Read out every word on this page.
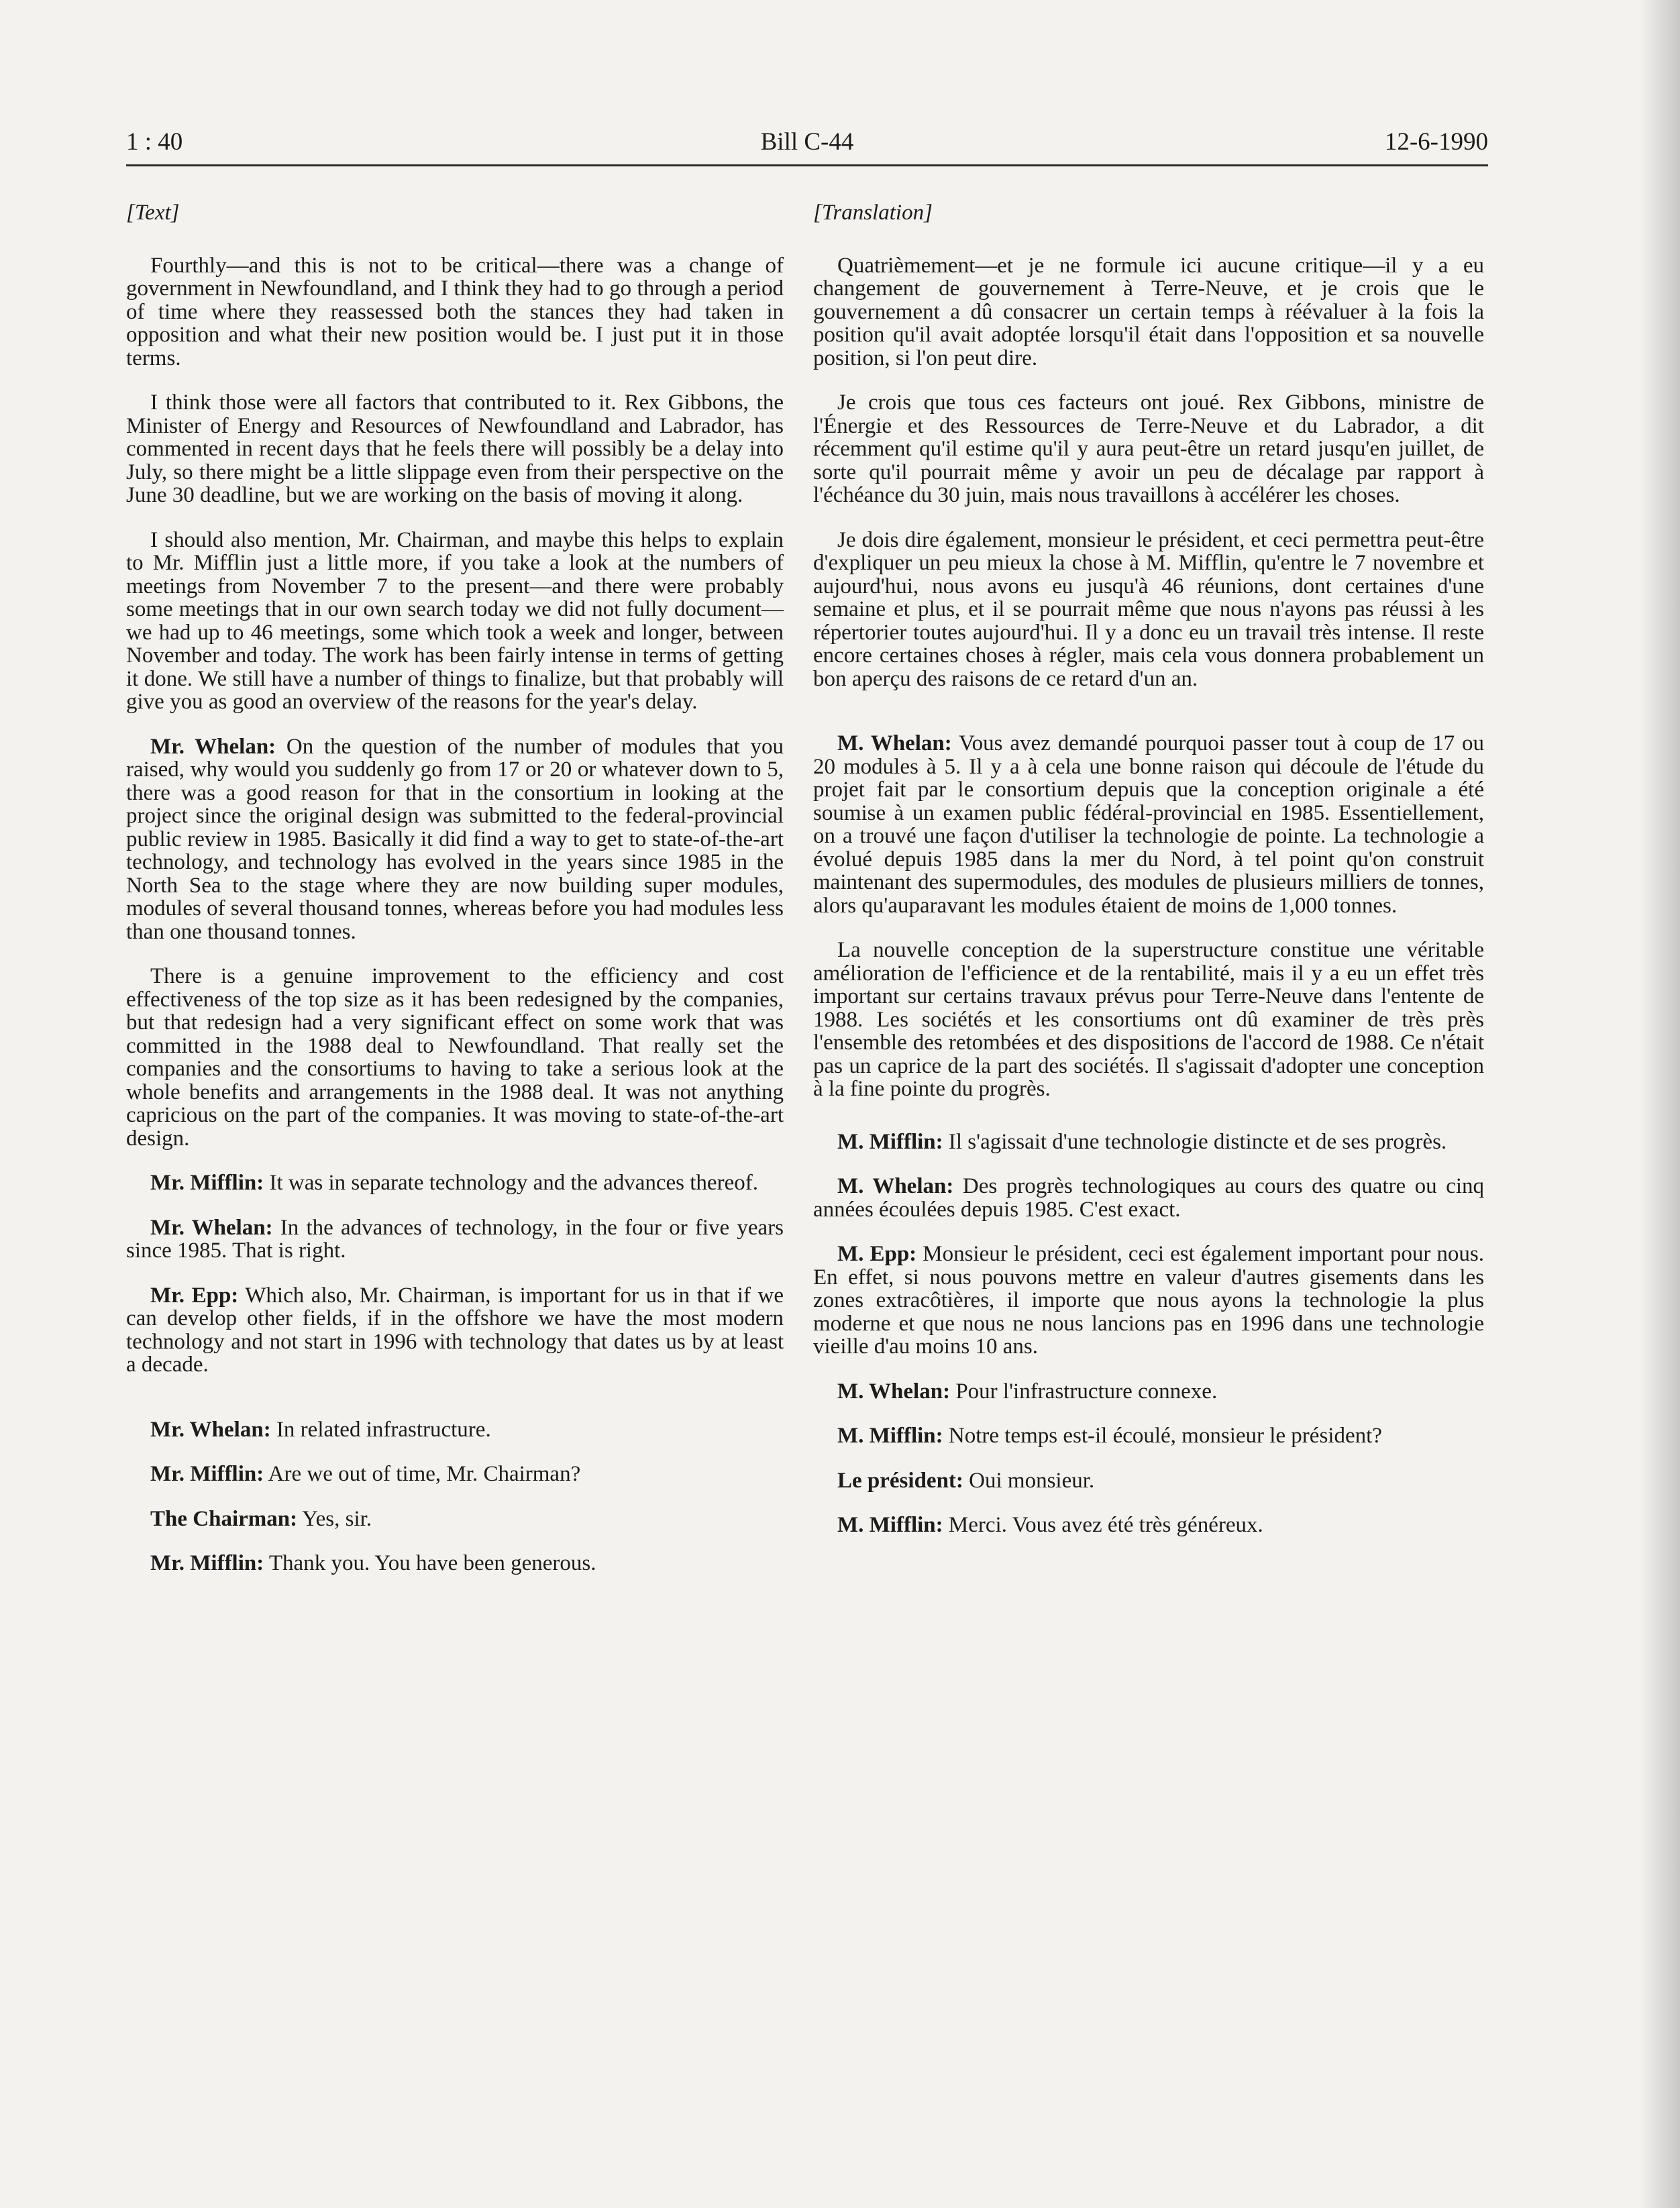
1 : 40	Bill C-44	12-6-1990
[Text]

Fourthly—and this is not to be critical—there was a change of government in Newfoundland, and I think they had to go through a period of time where they reassessed both the stances they had taken in opposition and what their new position would be. I just put it in those terms.

I think those were all factors that contributed to it. Rex Gibbons, the Minister of Energy and Resources of Newfoundland and Labrador, has commented in recent days that he feels there will possibly be a delay into July, so there might be a little slippage even from their perspective on the June 30 deadline, but we are working on the basis of moving it along.

I should also mention, Mr. Chairman, and maybe this helps to explain to Mr. Mifflin just a little more, if you take a look at the numbers of meetings from November 7 to the present—and there were probably some meetings that in our own search today we did not fully document—we had up to 46 meetings, some which took a week and longer, between November and today. The work has been fairly intense in terms of getting it done. We still have a number of things to finalize, but that probably will give you as good an overview of the reasons for the year's delay.

Mr. Whelan: On the question of the number of modules that you raised, why would you suddenly go from 17 or 20 or whatever down to 5, there was a good reason for that in the consortium in looking at the project since the original design was submitted to the federal-provincial public review in 1985. Basically it did find a way to get to state-of-the-art technology, and technology has evolved in the years since 1985 in the North Sea to the stage where they are now building super modules, modules of several thousand tonnes, whereas before you had modules less than one thousand tonnes.

There is a genuine improvement to the efficiency and cost effectiveness of the top size as it has been redesigned by the companies, but that redesign had a very significant effect on some work that was committed in the 1988 deal to Newfoundland. That really set the companies and the consortiums to having to take a serious look at the whole benefits and arrangements in the 1988 deal. It was not anything capricious on the part of the companies. It was moving to state-of-the-art design.

Mr. Mifflin: It was in separate technology and the advances thereof.

Mr. Whelan: In the advances of technology, in the four or five years since 1985. That is right.

Mr. Epp: Which also, Mr. Chairman, is important for us in that if we can develop other fields, if in the offshore we have the most modern technology and not start in 1996 with technology that dates us by at least a decade.

Mr. Whelan: In related infrastructure.

Mr. Mifflin: Are we out of time, Mr. Chairman?

The Chairman: Yes, sir.

Mr. Mifflin: Thank you. You have been generous.

[Translation]

Quatrièmement—et je ne formule ici aucune critique—il y a eu changement de gouvernement à Terre-Neuve, et je crois que le gouvernement a dû consacrer un certain temps à réévaluer à la fois la position qu'il avait adoptée lorsqu'il était dans l'opposition et sa nouvelle position, si l'on peut dire.

Je crois que tous ces facteurs ont joué. Rex Gibbons, ministre de l'Énergie et des Ressources de Terre-Neuve et du Labrador, a dit récemment qu'il estime qu'il y aura peut-être un retard jusqu'en juillet, de sorte qu'il pourrait même y avoir un peu de décalage par rapport à l'échéance du 30 juin, mais nous travaillons à accélérer les choses.

Je dois dire également, monsieur le président, et ceci permettra peut-être d'expliquer un peu mieux la chose à M. Mifflin, qu'entre le 7 novembre et aujourd'hui, nous avons eu jusqu'à 46 réunions, dont certaines d'une semaine et plus, et il se pourrait même que nous n'ayons pas réussi à les répertorier toutes aujourd'hui. Il y a donc eu un travail très intense. Il reste encore certaines choses à régler, mais cela vous donnera probablement un bon aperçu des raisons de ce retard d'un an.

M. Whelan: Vous avez demandé pourquoi passer tout à coup de 17 ou 20 modules à 5. Il y a à cela une bonne raison qui découle de l'étude du projet fait par le consortium depuis que la conception originale a été soumise à un examen public fédéral-provincial en 1985. Essentiellement, on a trouvé une façon d'utiliser la technologie de pointe. La technologie a évolué depuis 1985 dans la mer du Nord, à tel point qu'on construit maintenant des supermodules, des modules de plusieurs milliers de tonnes, alors qu'auparavant les modules étaient de moins de 1,000 tonnes.

La nouvelle conception de la superstructure constitue une véritable amélioration de l'efficience et de la rentabilité, mais il y a eu un effet très important sur certains travaux prévus pour Terre-Neuve dans l'entente de 1988. Les sociétés et les consortiums ont dû examiner de très près l'ensemble des retombées et des dispositions de l'accord de 1988. Ce n'était pas un caprice de la part des sociétés. Il s'agissait d'adopter une conception à la fine pointe du progrès.

M. Mifflin: Il s'agissait d'une technologie distincte et de ses progrès.

M. Whelan: Des progrès technologiques au cours des quatre ou cinq années écoulées depuis 1985. C'est exact.

M. Epp: Monsieur le président, ceci est également important pour nous. En effet, si nous pouvons mettre en valeur d'autres gisements dans les zones extracôtières, il importe que nous ayons la technologie la plus moderne et que nous ne nous lancions pas en 1996 dans une technologie vieille d'au moins 10 ans.

M. Whelan: Pour l'infrastructure connexe.

M. Mifflin: Notre temps est-il écoulé, monsieur le président?

Le président: Oui monsieur.

M. Mifflin: Merci. Vous avez été très généreux.
